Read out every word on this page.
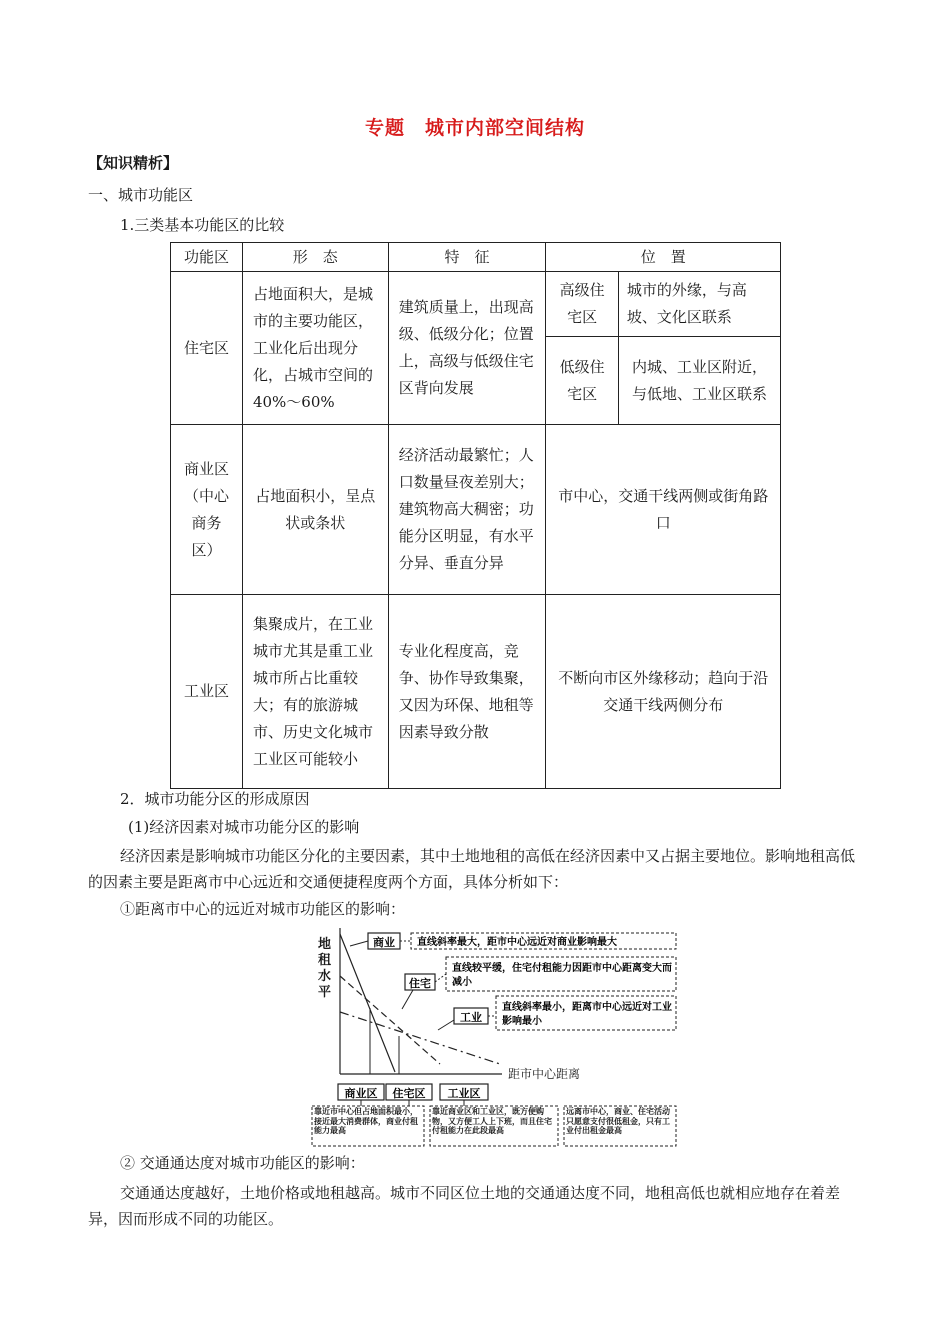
专题　城市内部空间结构
【知识精析】
一、城市功能区
1.三类基本功能区的比较
功能区	形　态	特　征	位　置
住宅区	占地面积大，是城市的主要功能区，工业化后出现分化，占城市空间的40%～60%	建筑质量上，出现高级、低级分化；位置上，高级与低级住宅区背向发展	
高级住宅区	城市的外缘，与高坡、文化区联系
低级住宅区	内城、工业区附近，与低地、工业区联系

商业区（中心商务区）	占地面积小，呈点状或条状	经济活动最繁忙；人口数量昼夜差别大；建筑物高大稠密；功能分区明显，有水平分异、垂直分异	市中心，交通干线两侧或街角路口
工业区	集聚成片，在工业城市尤其是重工业城市所占比重较大；有的旅游城市、历史文化城市工业区可能较小	专业化程度高，竞争、协作导致集聚，又因为环保、地租等因素导致分散	不断向市区外缘移动；趋向于沿交通干线两侧分布
2．城市功能分区的形成原因
(1)经济因素对城市功能分区的影响
经济因素是影响城市功能区分化的主要因素，其中土地地租的高低在经济因素中又占据主要地位。影响地租高低的因素主要是距离市中心远近和交通便捷程度两个方面，具体分析如下：
①距离市中心的远近对城市功能区的影响：
地
租
水
平
距市中心距离
商业
住宅
工业
直线斜率最大，距市中心远近对商业影响最大
直线较平缓，住宅付租能力因距市中心距离变大而减小
直线斜率最小，距离市中心远近对工业影响最小
商业区 住宅区 工业区
靠近市中心但占地面积最小，接近最大消费群体，商业付租能力最高
靠近商业区和工业区，既方便购物，又方便工人上下班，而且住宅付租能力在此段最高
远离市中心，商业、住宅活动只愿意支付很低租金，只有工业付出租金最高
② 交通通达度对城市功能区的影响：
交通通达度越好，土地价格或地租越高。城市不同区位土地的交通通达度不同，地租高低也就相应地存在着差异，因而形成不同的功能区。
